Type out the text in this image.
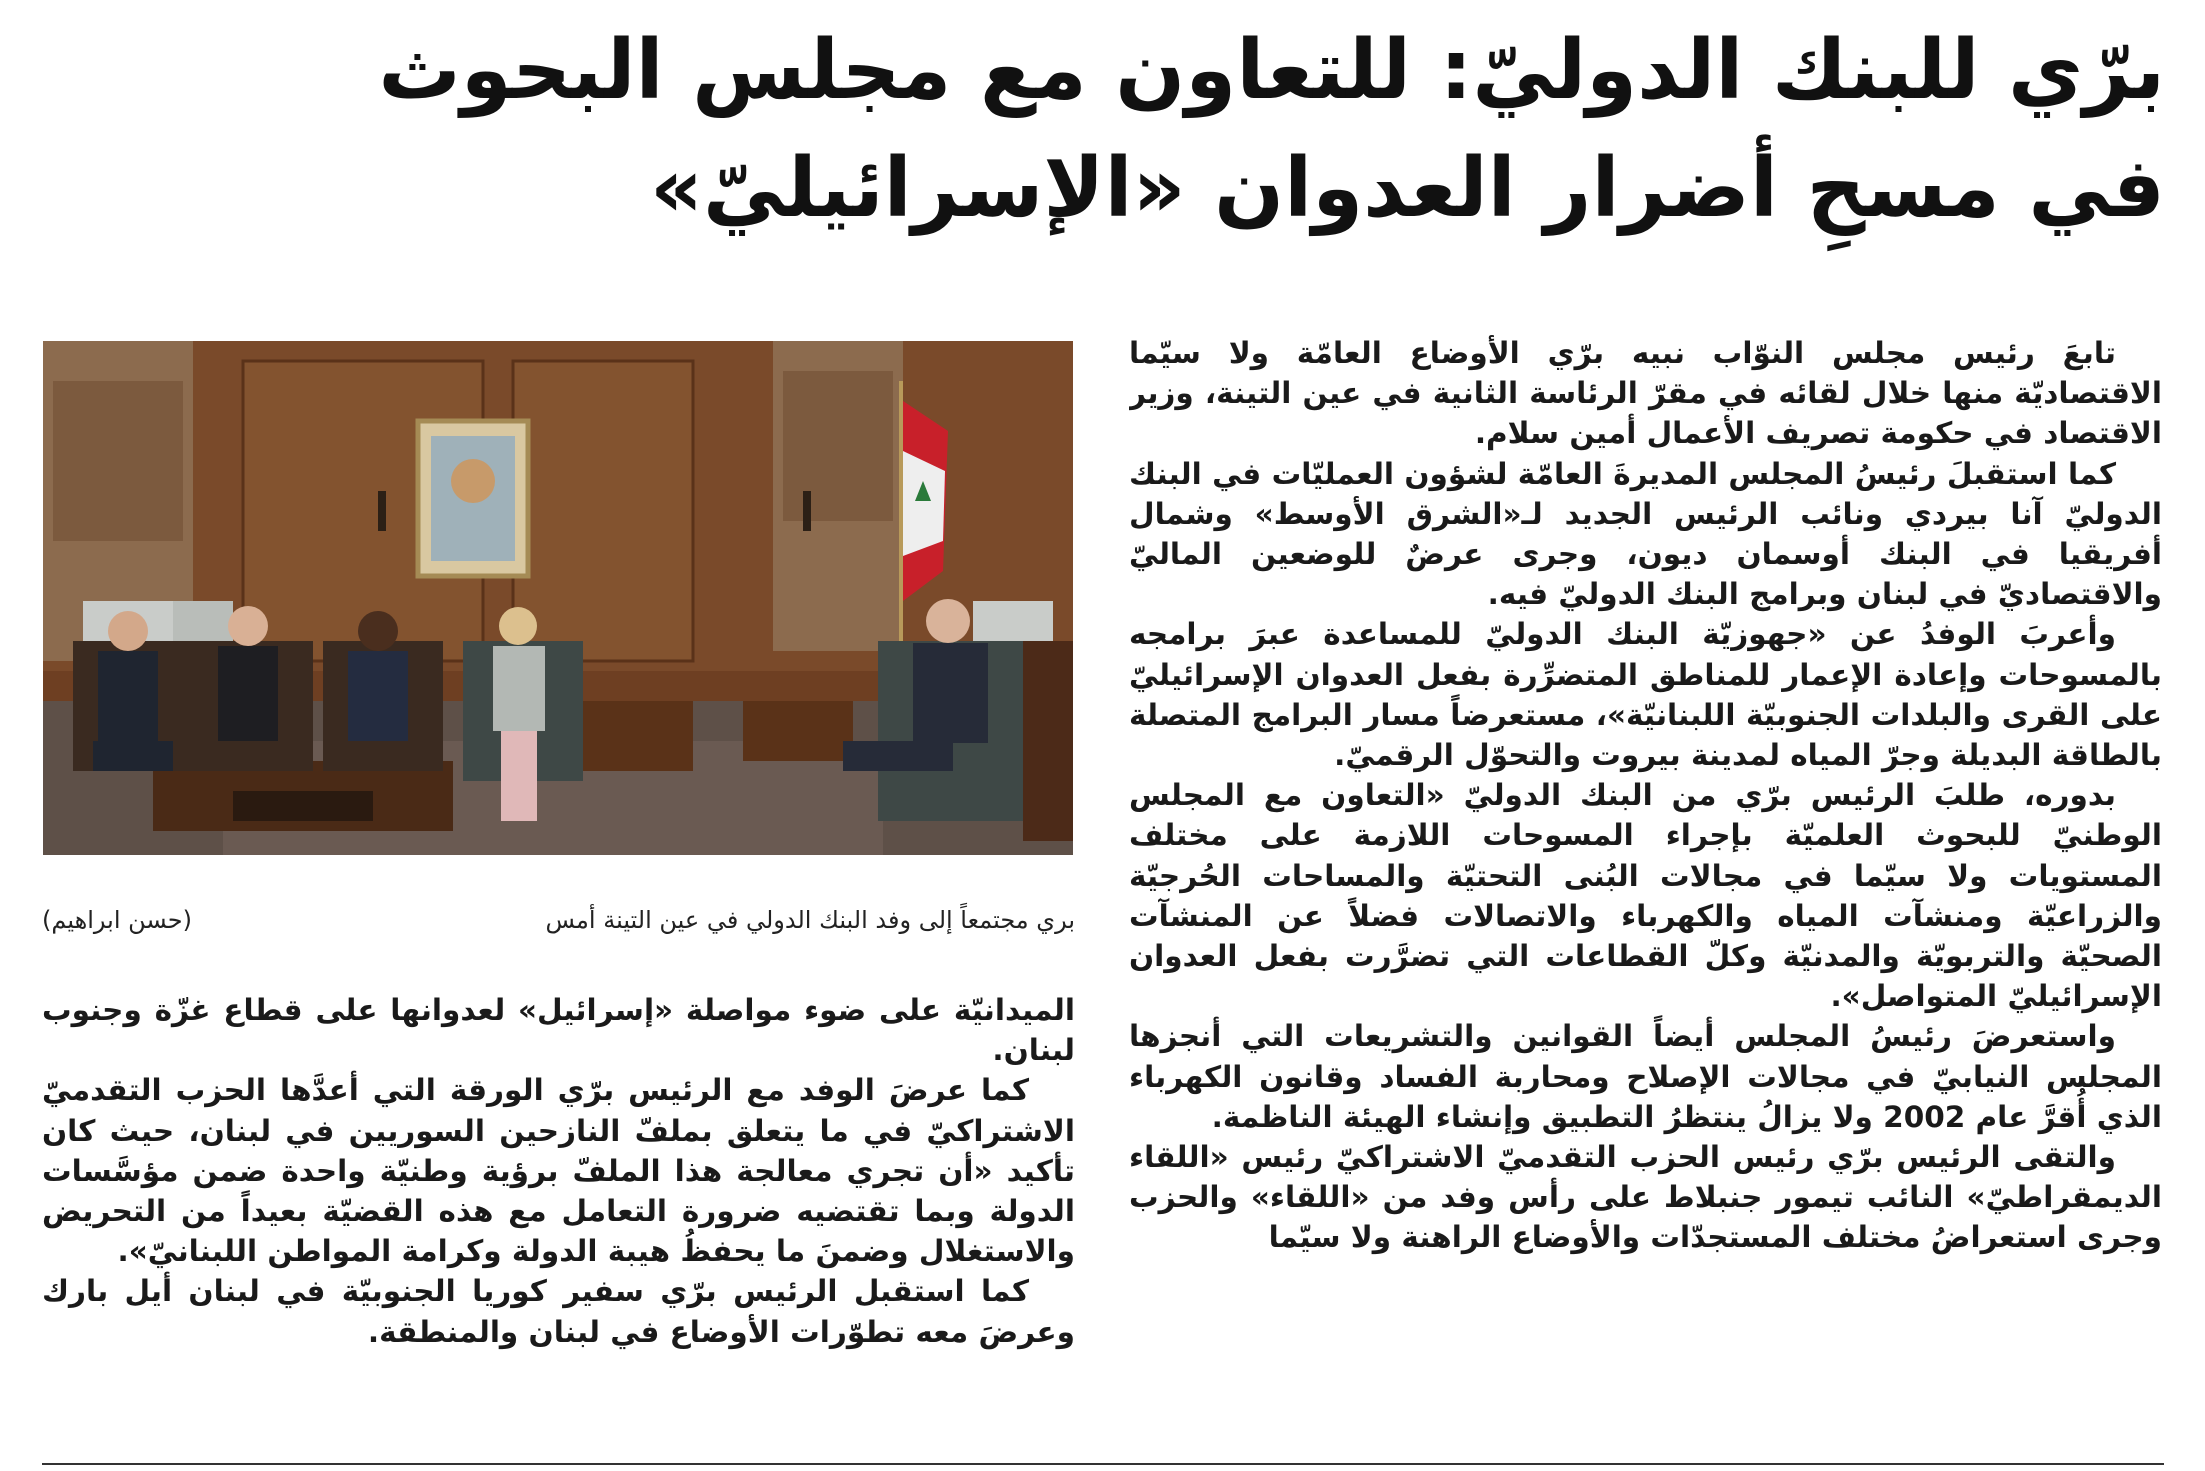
برّي للبنك الدوليّ: للتعاون مع مجلس البحوث
في مسحِ أضرار العدوان «الإسرائيليّ»

تابعَ رئيس مجلس النوّاب نبيه برّي الأوضاع العامّة ولا سيّما الاقتصاديّة منها خلال لقائه في مقرّ الرئاسة الثانية في عين التينة، وزير الاقتصاد في حكومة تصريف الأعمال أمين سلام.

كما استقبلَ رئيسُ المجلس المديرةَ العامّة لشؤون العمليّات في البنك الدوليّ آنا بيردي ونائب الرئيس الجديد لـ«الشرق الأوسط» وشمال أفريقيا في البنك أوسمان ديون، وجرى عرضٌ للوضعين الماليّ والاقتصاديّ في لبنان وبرامج البنك الدوليّ فيه.

وأعربَ الوفدُ عن «جهوزيّة البنك الدوليّ للمساعدة عبرَ برامجه بالمسوحات وإعادة الإعمار للمناطق المتضرِّرة بفعل العدوان الإسرائيليّ على القرى والبلدات الجنوبيّة اللبنانيّة»، مستعرضاً مسار البرامج المتصلة بالطاقة البديلة وجرّ المياه لمدينة بيروت والتحوّل الرقميّ.

بدوره، طلبَ الرئيس برّي من البنك الدوليّ «التعاون مع المجلس الوطنيّ للبحوث العلميّة بإجراء المسوحات اللازمة على مختلف المستويات ولا سيّما في مجالات البُنى التحتيّة والمساحات الحُرجيّة والزراعيّة ومنشآت المياه والكهرباء والاتصالات فضلاً عن المنشآت الصحيّة والتربويّة والمدنيّة وكلّ القطاعات التي تضرَّرت بفعل العدوان الإسرائيليّ المتواصل».

واستعرضَ رئيسُ المجلس أيضاً القوانين والتشريعات التي أنجزها المجلس النيابيّ في مجالات الإصلاح ومحاربة الفساد وقانون الكهرباء الذي أُقرَّ عام 2002 ولا يزالُ ينتظرُ التطبيق وإنشاء الهيئة الناظمة.

والتقى الرئيس برّي رئيس الحزب التقدميّ الاشتراكيّ رئيس «اللقاء الديمقراطيّ» النائب تيمور جنبلاط على رأس وفد من «اللقاء» والحزب وجرى استعراضُ مختلف المستجدّات والأوضاع الراهنة ولا سيّما

بري مجتمعاً إلى وفد البنك الدولي في عين التينة أمس
(حسن ابراهيم)

الميدانيّة على ضوء مواصلة «إسرائيل» لعدوانها على قطاع غزّة وجنوب لبنان.

كما عرضَ الوفد مع الرئيس برّي الورقة التي أعدَّها الحزب التقدميّ الاشتراكيّ في ما يتعلق بملفّ النازحين السوريين في لبنان، حيث كان تأكيد «أن تجري معالجة هذا الملفّ برؤية وطنيّة واحدة ضمن مؤسَّسات الدولة وبما تقتضيه ضرورة التعامل مع هذه القضيّة بعيداً من التحريض والاستغلال وضمنَ ما يحفظُ هيبة الدولة وكرامة المواطن اللبنانيّ».

كما استقبل الرئيس برّي سفير كوريا الجنوبيّة في لبنان أيل بارك وعرضَ معه تطوّرات الأوضاع في لبنان والمنطقة.
